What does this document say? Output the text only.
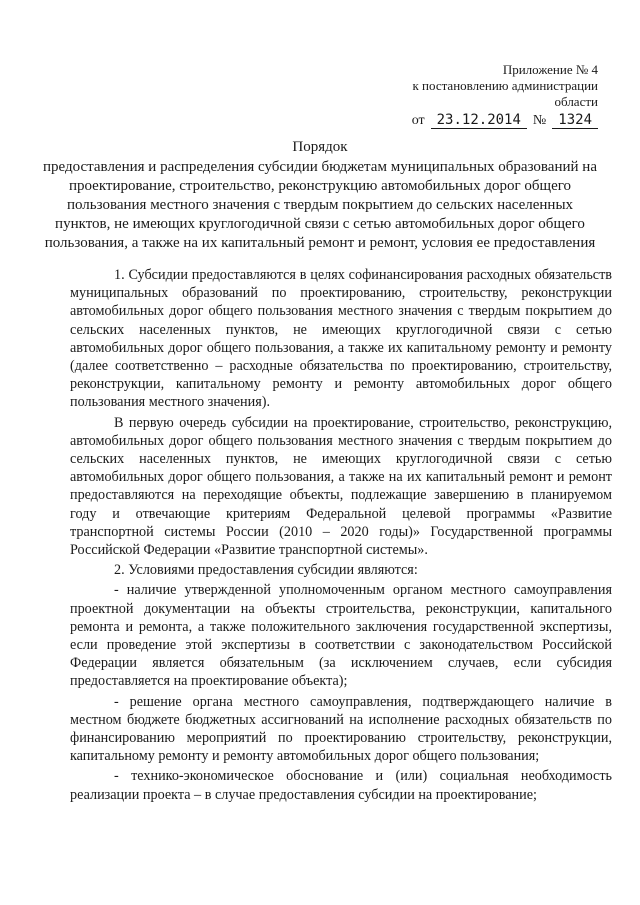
Приложение № 4
к постановлению администрации
области
от 23.12.2014 № 1324
Порядок
предоставления и распределения субсидии бюджетам муниципальных образований на проектирование, строительство, реконструкцию автомобильных дорог общего пользования местного значения с твердым покрытием до сельских населенных пунктов, не имеющих круглогодичной связи с сетью автомобильных дорог общего пользования, а также на их капитальный ремонт и ремонт, условия ее предоставления

1. Субсидии предоставляются в целях софинансирования расходных обязательств муниципальных образований по проектированию, строительству, реконструкции автомобильных дорог общего пользования местного значения с твердым покрытием до сельских населенных пунктов, не имеющих круглогодичной связи с сетью автомобильных дорог общего пользования, а также их капитальному ремонту и ремонту (далее соответственно – расходные обязательства по проектированию, строительству, реконструкции, капитальному ремонту и ремонту автомобильных дорог общего пользования местного значения).

В первую очередь субсидии на проектирование, строительство, реконструкцию, автомобильных дорог общего пользования местного значения с твердым покрытием до сельских населенных пунктов, не имеющих круглогодичной связи с сетью автомобильных дорог общего пользования, а также на их капитальный ремонт и ремонт предоставляются на переходящие объекты, подлежащие завершению в планируемом году и отвечающие критериям Федеральной целевой программы «Развитие транспортной системы России (2010 – 2020 годы)» Государственной программы Российской Федерации «Развитие транспортной системы».

2. Условиями предоставления субсидии являются:

- наличие утвержденной уполномоченным органом местного самоуправления проектной документации на объекты строительства, реконструкции, капитального ремонта и ремонта, а также положительного заключения государственной экспертизы, если проведение этой экспертизы в соответствии с законодательством Российской Федерации является обязательным (за исключением случаев, если субсидия предоставляется на проектирование объекта);

- решение органа местного самоуправления, подтверждающего наличие в местном бюджете бюджетных ассигнований на исполнение расходных обязательств по финансированию мероприятий по проектированию строительству, реконструкции, капитальному ремонту и ремонту автомобильных дорог общего пользования;

- технико-экономическое обоснование и (или) социальная необходимость реализации проекта – в случае предоставления субсидии на проектирование;
